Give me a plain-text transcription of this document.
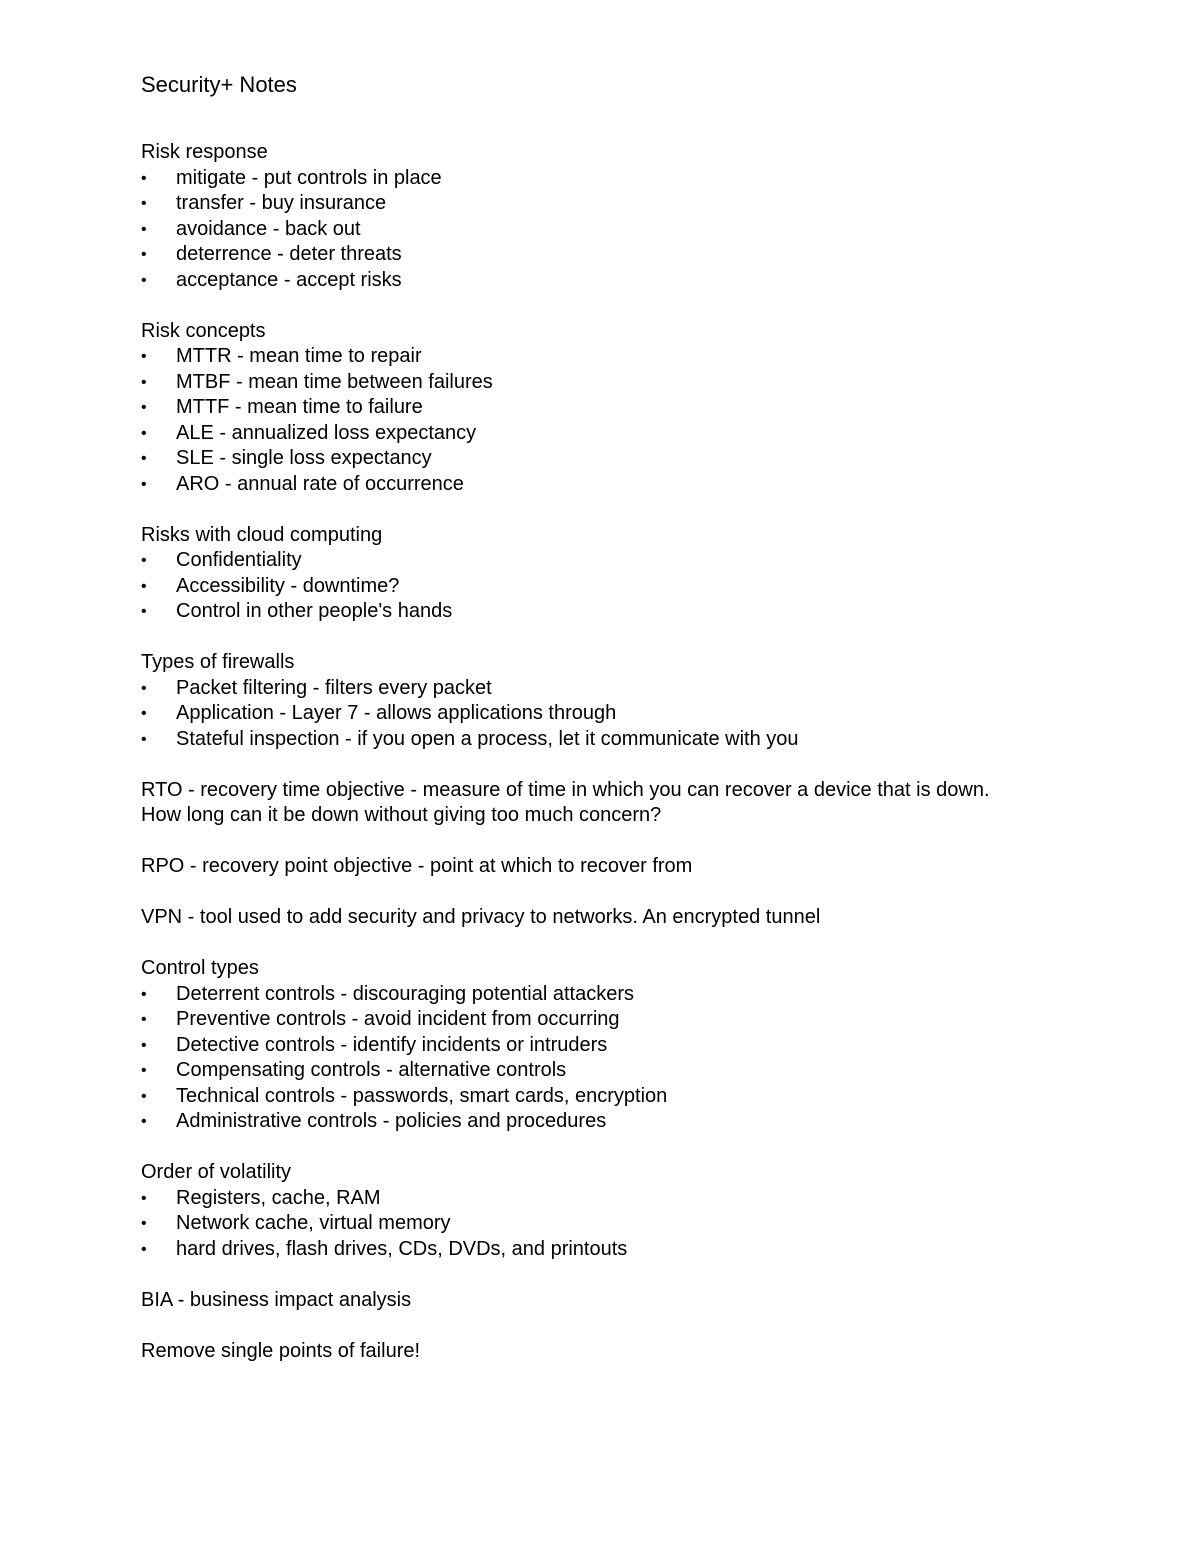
Security+ Notes
Risk response
•	mitigate - put controls in place
•	transfer - buy insurance
•	avoidance - back out
•	deterrence - deter threats
•	acceptance - accept risks
Risk concepts
•	MTTR - mean time to repair
•	MTBF - mean time between failures
•	MTTF - mean time to failure
•	ALE - annualized loss expectancy
•	SLE - single loss expectancy
•	ARO - annual rate of occurrence
Risks with cloud computing
•	Confidentiality
•	Accessibility - downtime?
•	Control in other people's hands
Types of firewalls
•	Packet filtering - filters every packet
•	Application - Layer 7 - allows applications through
•	Stateful inspection - if you open a process, let it communicate with you
RTO - recovery time objective - measure of time in which you can recover a device that is down. How long can it be down without giving too much concern?
RPO - recovery point objective - point at which to recover from
VPN - tool used to add security and privacy to networks. An encrypted tunnel
Control types
•	Deterrent controls - discouraging potential attackers
•	Preventive controls - avoid incident from occurring
•	Detective controls - identify incidents or intruders
•	Compensating controls - alternative controls
•	Technical controls - passwords, smart cards, encryption
•	Administrative controls - policies and procedures
Order of volatility
•	Registers, cache, RAM
•	Network cache, virtual memory
•	hard drives, flash drives, CDs, DVDs, and printouts
BIA - business impact analysis
Remove single points of failure!
